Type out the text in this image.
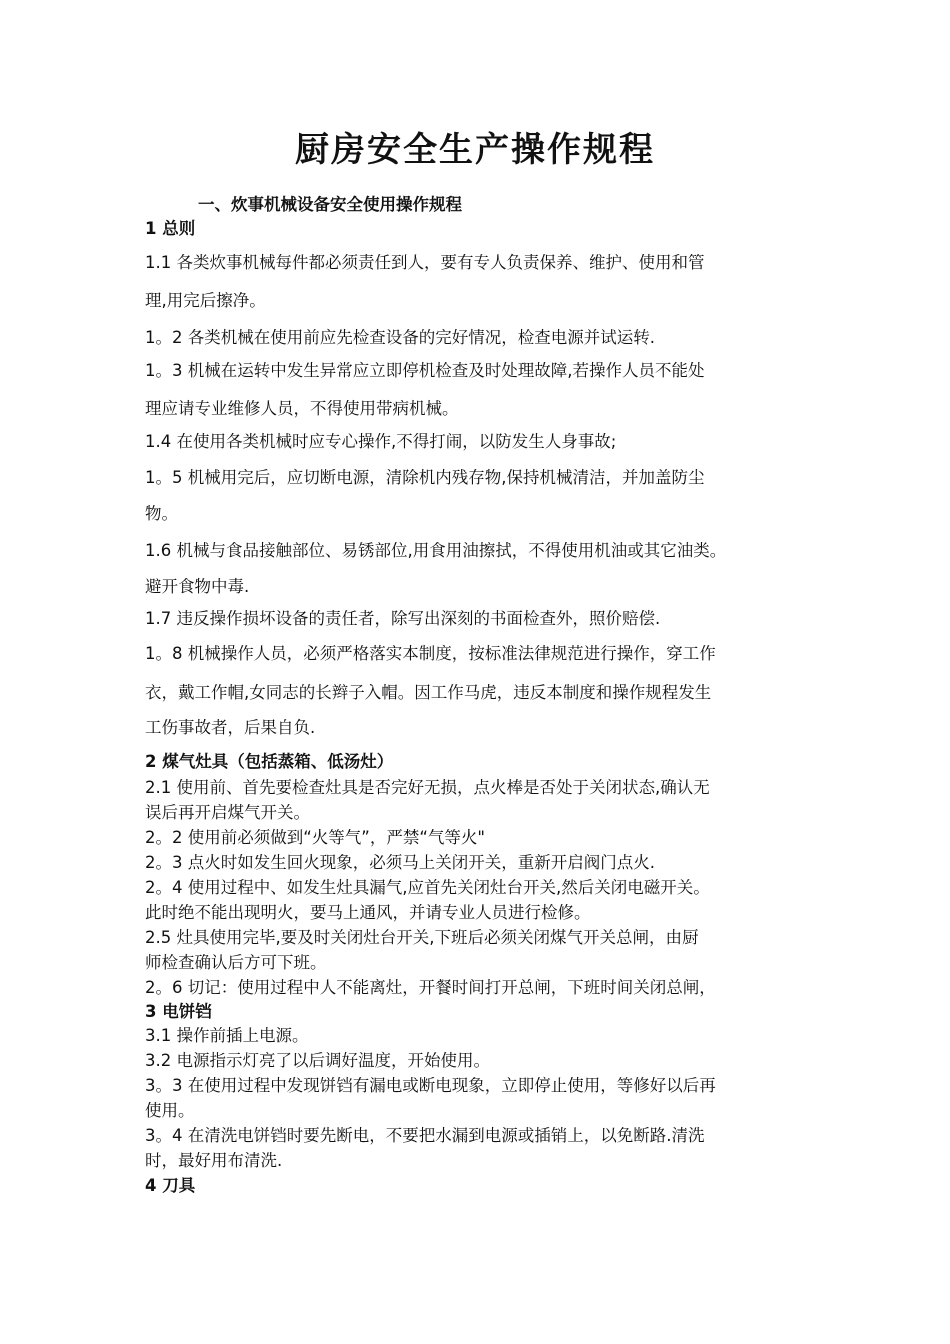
厨房安全生产操作规程
一、炊事机械设备安全使用操作规程
1 总则
1.1 各类炊事机械每件都必须责任到人，要有专人负责保养、维护、使用和管
理,用完后擦净。
1。2 各类机械在使用前应先检查设备的完好情况，检查电源并试运转.
1。3 机械在运转中发生异常应立即停机检查及时处理故障,若操作人员不能处
理应请专业维修人员，不得使用带病机械。
1.4 在使用各类机械时应专心操作,不得打闹，以防发生人身事故;
1。5 机械用完后，应切断电源，清除机内残存物,保持机械清洁，并加盖防尘
物。
1.6 机械与食品接触部位、易锈部位,用食用油擦拭，不得使用机油或其它油类。
避开食物中毒.
1.7 违反操作损坏设备的责任者，除写出深刻的书面检查外，照价赔偿.
1。8 机械操作人员，必须严格落实本制度，按标准法律规范进行操作，穿工作
衣，戴工作帽,女同志的长辫子入帽。因工作马虎，违反本制度和操作规程发生
工伤事故者，后果自负.
2 煤气灶具（包括蒸箱、低汤灶）
2.1 使用前、首先要检查灶具是否完好无损，点火棒是否处于关闭状态,确认无
误后再开启煤气开关。
2。2 使用前必须做到“火等气”，严禁“气等火"
2。3 点火时如发生回火现象，必须马上关闭开关，重新开启阀门点火.
2。4 使用过程中、如发生灶具漏气,应首先关闭灶台开关,然后关闭电磁开关。
此时绝不能出现明火，要马上通风，并请专业人员进行检修。
2.5 灶具使用完毕,要及时关闭灶台开关,下班后必须关闭煤气开关总闸，由厨
师检查确认后方可下班。
2。6 切记：使用过程中人不能离灶，开餐时间打开总闸，下班时间关闭总闸，
3 电饼铛
3.1 操作前插上电源。
3.2 电源指示灯亮了以后调好温度，开始使用。
3。3 在使用过程中发现饼铛有漏电或断电现象，立即停止使用，等修好以后再
使用。
3。4 在清洗电饼铛时要先断电，不要把水漏到电源或插销上，以免断路.清洗
时，最好用布清洗.
4 刀具
